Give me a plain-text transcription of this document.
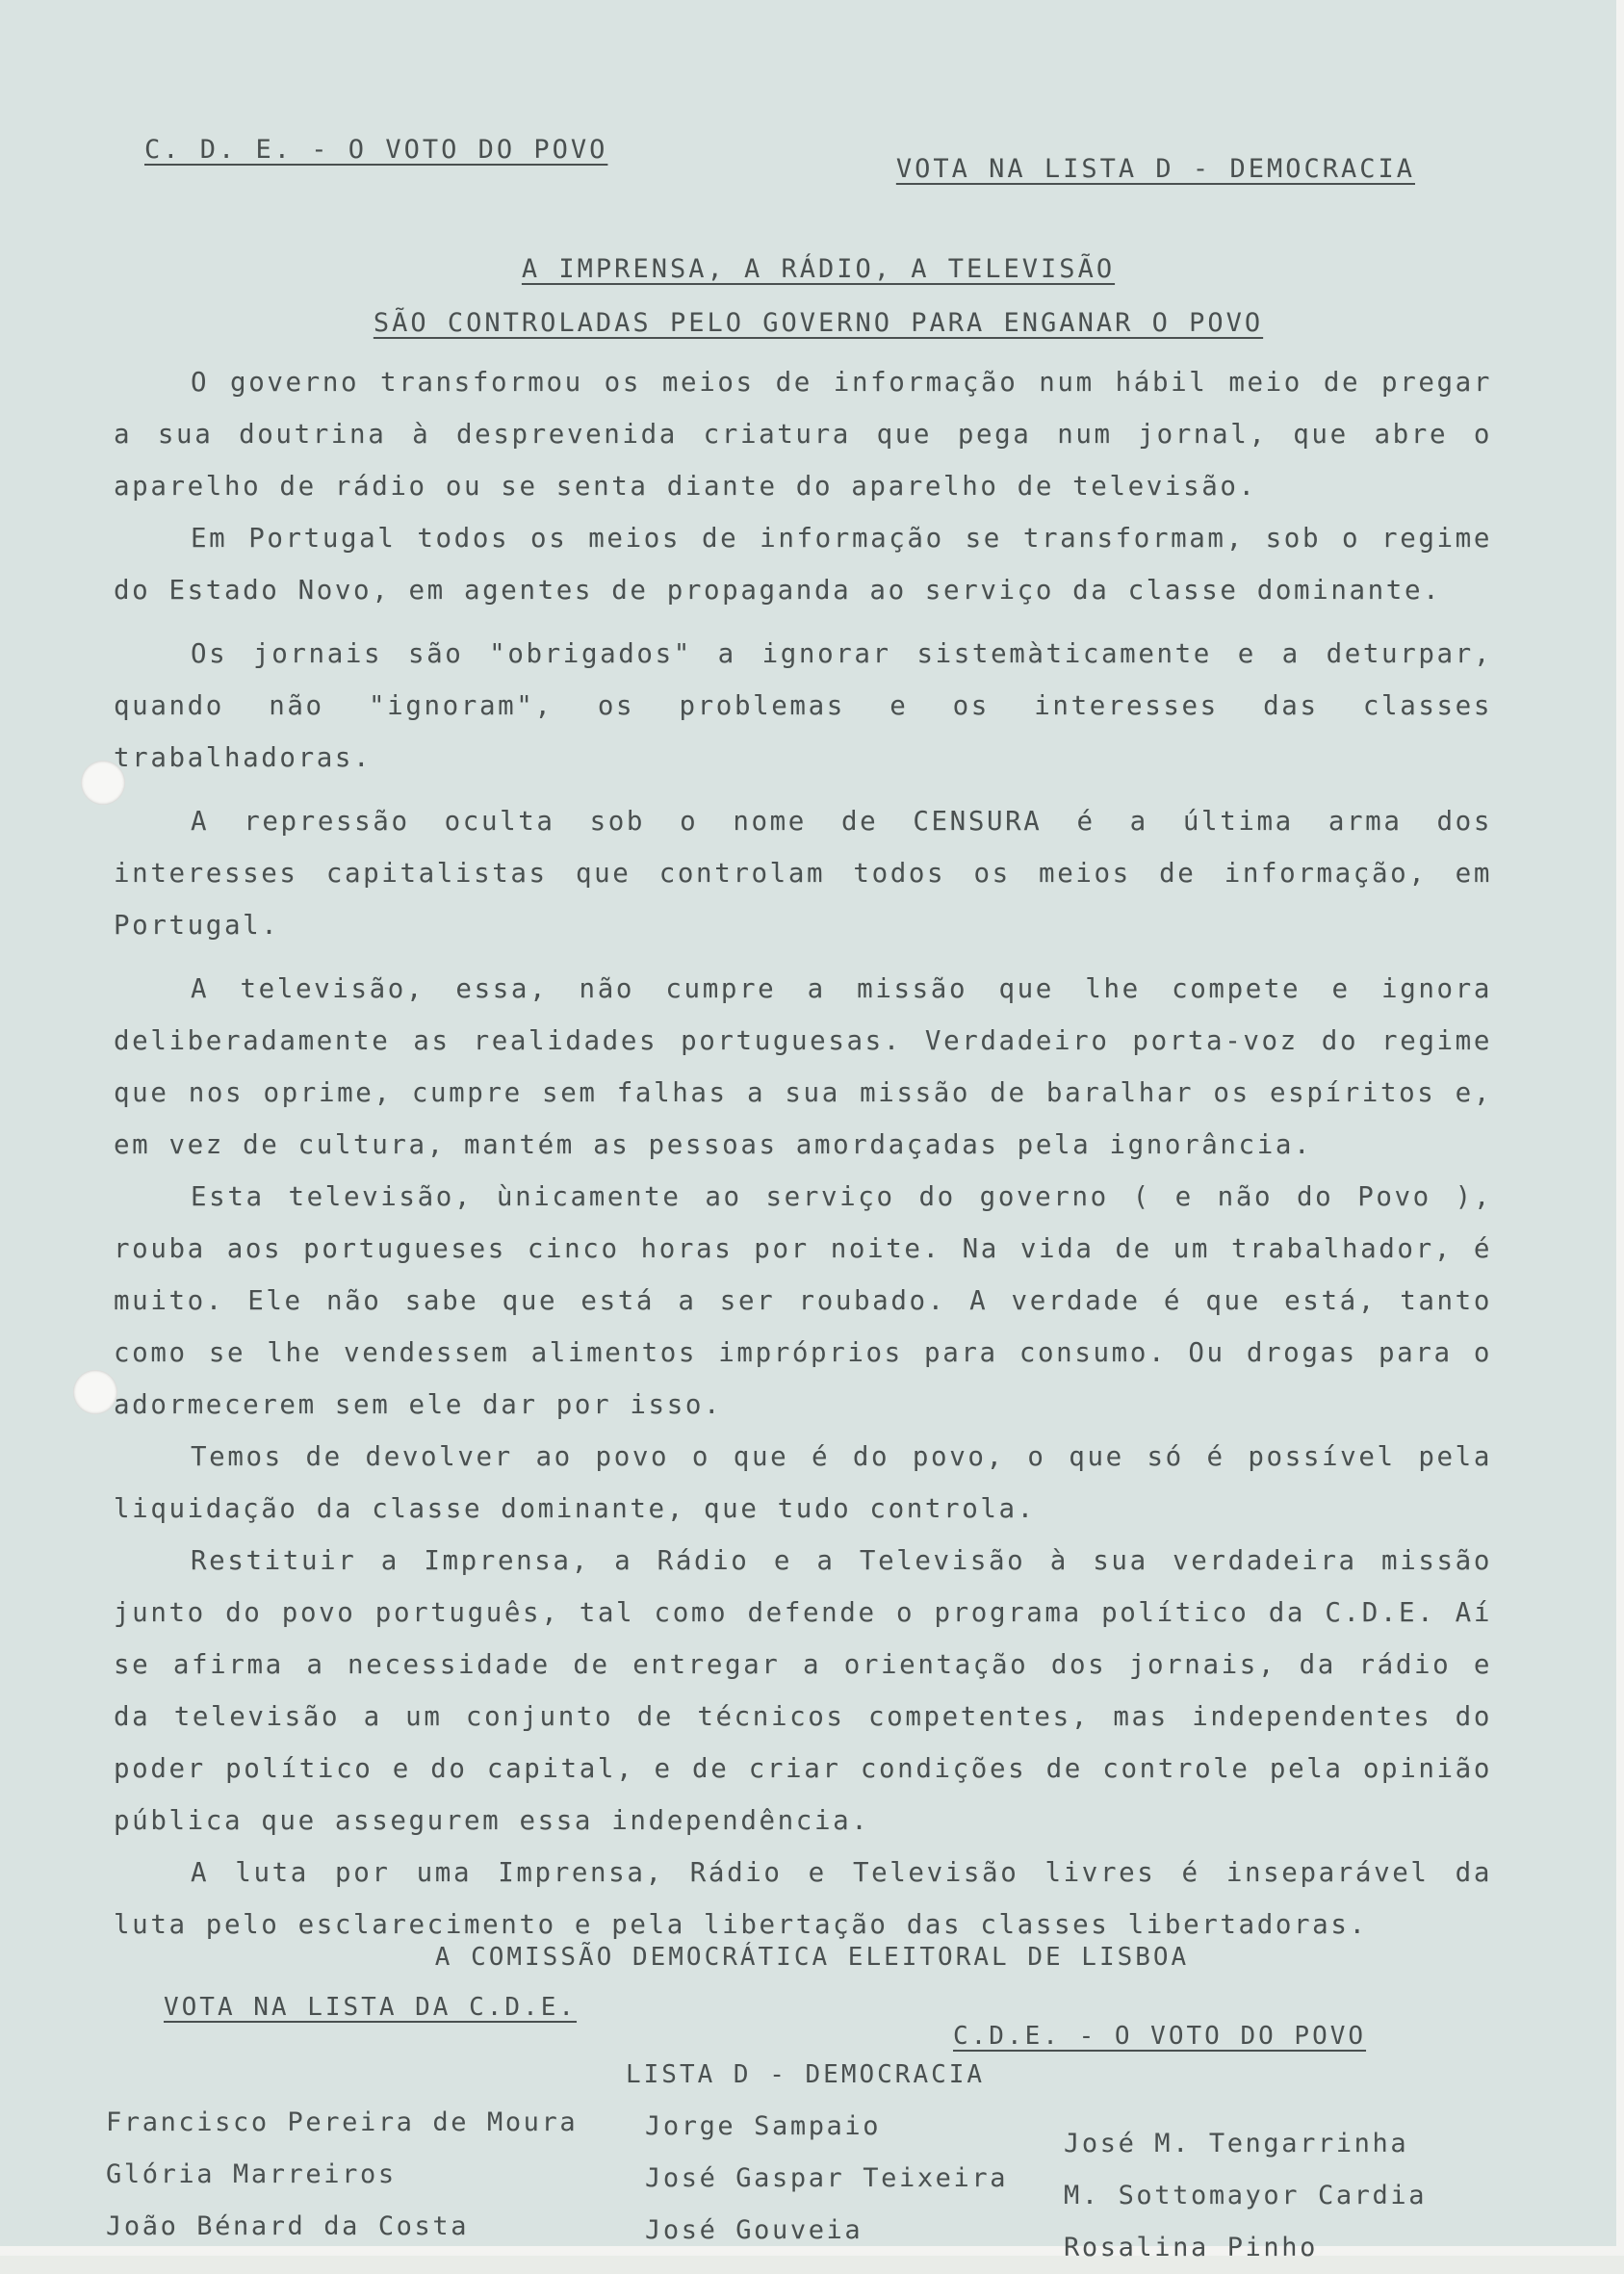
C. D. E. - O VOTO DO POVO
VOTA NA LISTA D - DEMOCRACIA
A IMPRENSA, A RÁDIO, A TELEVISÃO
SÃO CONTROLADAS PELO GOVERNO PARA ENGANAR O POVO

O governo transformou os meios de informação num hábil meio de pregar a sua doutrina à desprevenida criatura que pega num jornal, que abre o aparelho de rádio ou se senta diante do aparelho de televisão.

Em Portugal todos os meios de informação se transformam, sob o regime do Estado Novo, em agentes de propaganda ao serviço da classe dominante.

Os jornais são "obrigados" a ignorar sistemàticamente e a deturpar, quando não "ignoram", os problemas e os interesses das classes trabalhadoras.

A repressão oculta sob o nome de CENSURA é a última arma dos interesses capitalistas que controlam todos os meios de informação, em Portugal.

A televisão, essa, não cumpre a missão que lhe compete e ignora deliberadamente as realidades portuguesas. Verdadeiro porta-voz do regime que nos oprime, cumpre sem falhas a sua missão de baralhar os espíritos e, em vez de cultura, mantém as pessoas amordaçadas pela ignorância.

Esta televisão, ùnicamente ao serviço do governo ( e não do Povo ), rouba aos portugueses cinco horas por noite. Na vida de um trabalhador, é muito. Ele não sabe que está a ser roubado. A verdade é que está, tanto como se lhe vendessem alimentos impróprios para consumo. Ou drogas para o adormecerem sem ele dar por isso.

Temos de devolver ao povo o que é do povo, o que só é possível pela liquidação da classe dominante, que tudo controla.

Restituir a Imprensa, a Rádio e a Televisão à sua verdadeira missão junto do povo português, tal como defende o programa político da C.D.E. Aí se afirma a necessidade de entregar a orientação dos jornais, da rádio e da televisão a um conjunto de técnicos competentes, mas independentes do poder político e do capital, e de criar condições de controle pela opinião pública que assegurem essa independência.

A luta por uma Imprensa, Rádio e Televisão livres é inseparável da luta pelo esclarecimento e pela libertação das classes libertadoras.

A COMISSÃO DEMOCRÁTICA ELEITORAL DE LISBOA
VOTA NA LISTA DA C.D.E.
C.D.E. - O VOTO DO POVO
LISTA D - DEMOCRACIA
Francisco Pereira de Moura
Glória Marreiros
João Bénard da Costa
Jorge Sampaio
José Gaspar Teixeira
José Gouveia
José M. Tengarrinha
M. Sottomayor Cardia
Rosalina Pinho
